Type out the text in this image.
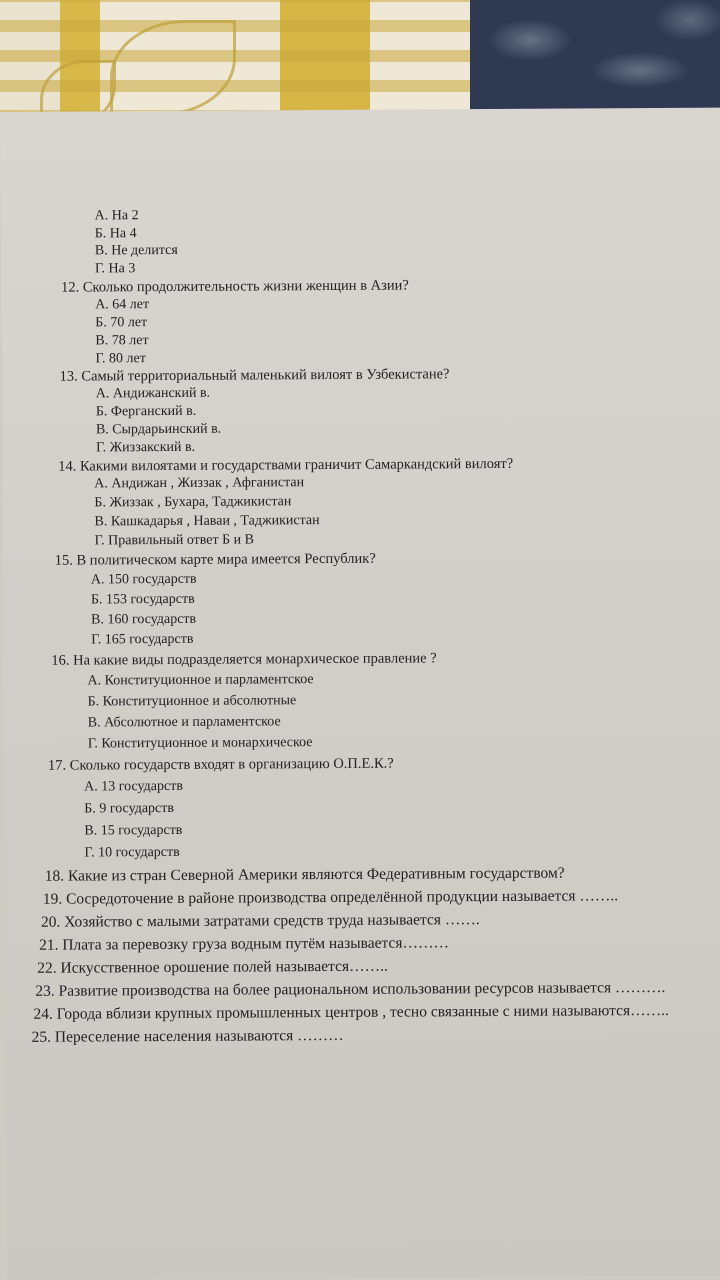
А. На 2
Б. На 4
В. Не делится
Г. На 3
12. Сколько продолжительность жизни женщин в Азии?
А. 64 лет
Б. 70 лет
В. 78 лет
Г. 80 лет
13. Самый территориальный маленький вилоят в Узбекистане?
А. Андижанский в.
Б. Ферганский в.
В. Сырдарьинский в.
Г. Жиззакский в.
14. Какими вилоятами и государствами граничит Самаркандский вилоят?
А. Андижан , Жиззак , Афганистан
Б. Жиззак , Бухара, Таджикистан
В. Кашкадарья , Наваи , Таджикистан
Г. Правильный ответ Б и В
15. В политическом карте мира имеется Республик?
А. 150 государств
Б. 153 государств
В. 160 государств
Г. 165 государств
16. На какие виды подразделяется монархическое правление ?
А. Конституционное и парламентское
Б. Конституционное и абсолютные
В. Абсолютное и парламентское
Г. Конституционное и монархическое
17. Сколько государств входят в организацию О.П.Е.К.?
А. 13 государств
Б. 9 государств
В. 15 государств
Г. 10 государств
18. Какие из стран Северной Америки являются Федеративным государством?
19. Сосредоточение в районе производства определённой продукции называется ……..
20. Хозяйство с малыми затратами средств труда называется …….
21. Плата за перевозку груза водным путём называется………
22. Искусственное орошение полей называется……..
23. Развитие производства на более рациональном использовании ресурсов называется ……….
24. Города вблизи крупных промышленных центров , тесно связанные с ними называются……..
25. Переселение населения называются ………
